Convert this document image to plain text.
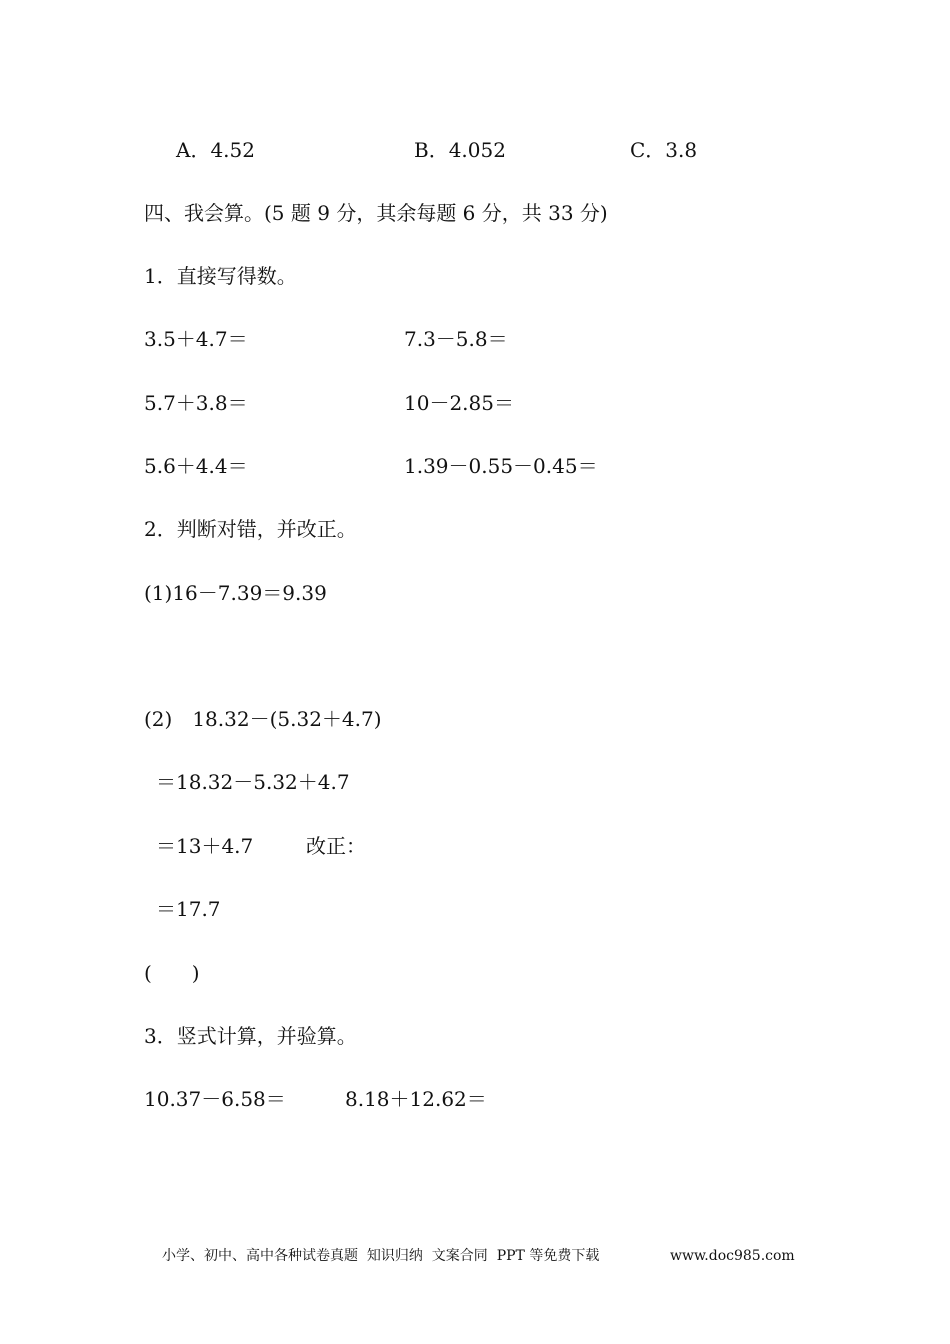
A．4.52	B．4.052	C．3.8
四、我会算。(5 题 9 分，其余每题 6 分，共 33 分)
1．直接写得数。
3.5＋4.7＝	7.3－5.8＝
5.7＋3.8＝	10－2.85＝
5.6＋4.4＝	1.39－0.55－0.45＝
2．判断对错，并改正。
(1)16－7.39＝9.39
(2)　18.32－(5.32＋4.7)
＝18.32－5.32＋4.7
＝13＋4.7	改正：
＝17.7
(　　)
3．竖式计算，并验算。
10.37－6.58＝	8.18＋12.62＝
小学、初中、高中各种试卷真题  知识归纳  文案合同  PPT 等免费下载	www.doc985.com
